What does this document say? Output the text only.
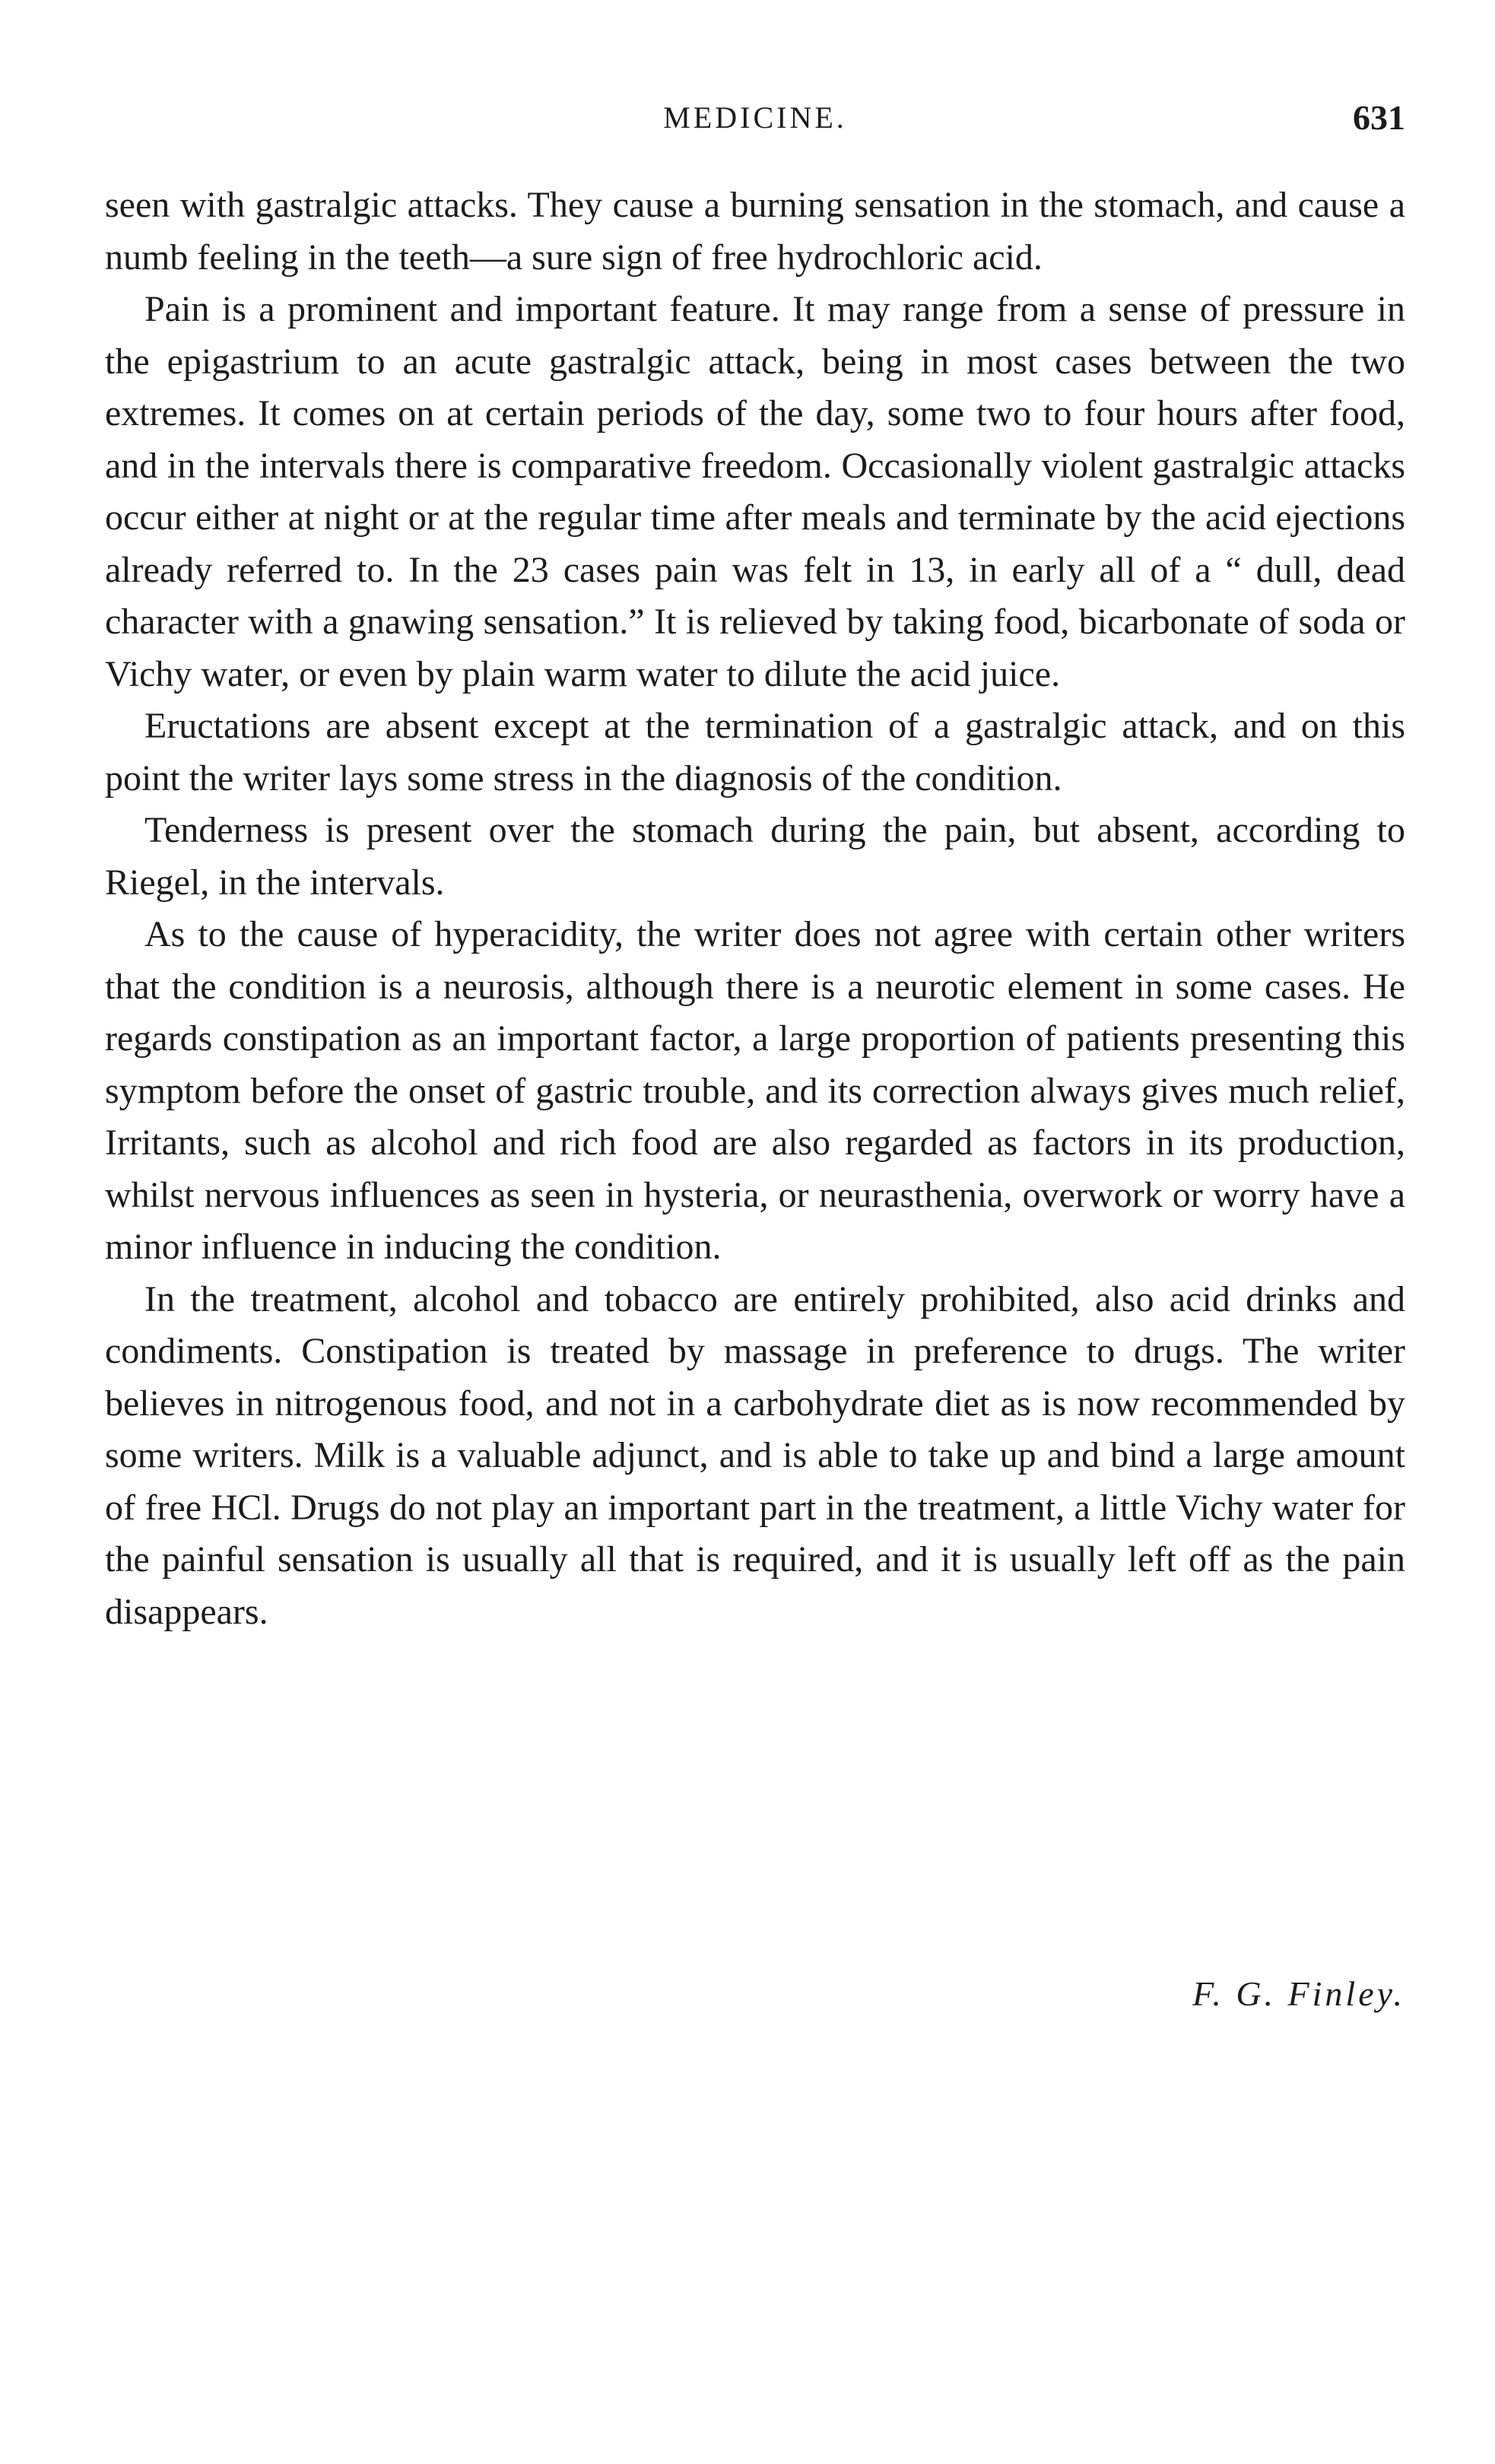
MEDICINE.	631

seen with gastralgic attacks. They cause a burning sensation in the stomach, and cause a numb feeling in the teeth—a sure sign of free hydrochloric acid.

Pain is a prominent and important feature. It may range from a sense of pressure in the epigastrium to an acute gastralgic attack, being in most cases between the two extremes. It comes on at certain periods of the day, some two to four hours after food, and in the intervals there is comparative freedom. Occasionally violent gastralgic attacks occur either at night or at the regular time after meals and terminate by the acid ejections already referred to. In the 23 cases pain was felt in 13, in early all of a “ dull, dead character with a gnawing sensation.” It is relieved by taking food, bicarbonate of soda or Vichy water, or even by plain warm water to dilute the acid juice.

Eructations are absent except at the termination of a gastralgic attack, and on this point the writer lays some stress in the diagnosis of the condition.

Tenderness is present over the stomach during the pain, but absent, according to Riegel, in the intervals.

As to the cause of hyperacidity, the writer does not agree with certain other writers that the condition is a neurosis, although there is a neurotic element in some cases. He regards constipation as an important factor, a large proportion of patients presenting this symptom before the onset of gastric trouble, and its correction always gives much relief, Irritants, such as alcohol and rich food are also regarded as factors in its production, whilst nervous influences as seen in hysteria, or neurasthenia, overwork or worry have a minor influence in inducing the condition.

In the treatment, alcohol and tobacco are entirely prohibited, also acid drinks and condiments. Constipation is treated by massage in preference to drugs. The writer believes in nitrogenous food, and not in a carbohydrate diet as is now recommended by some writers. Milk is a valuable adjunct, and is able to take up and bind a large amount of free HCl. Drugs do not play an important part in the treatment, a little Vichy water for the painful sensation is usually all that is required, and it is usually left off as the pain disappears.

F. G. Finley.
